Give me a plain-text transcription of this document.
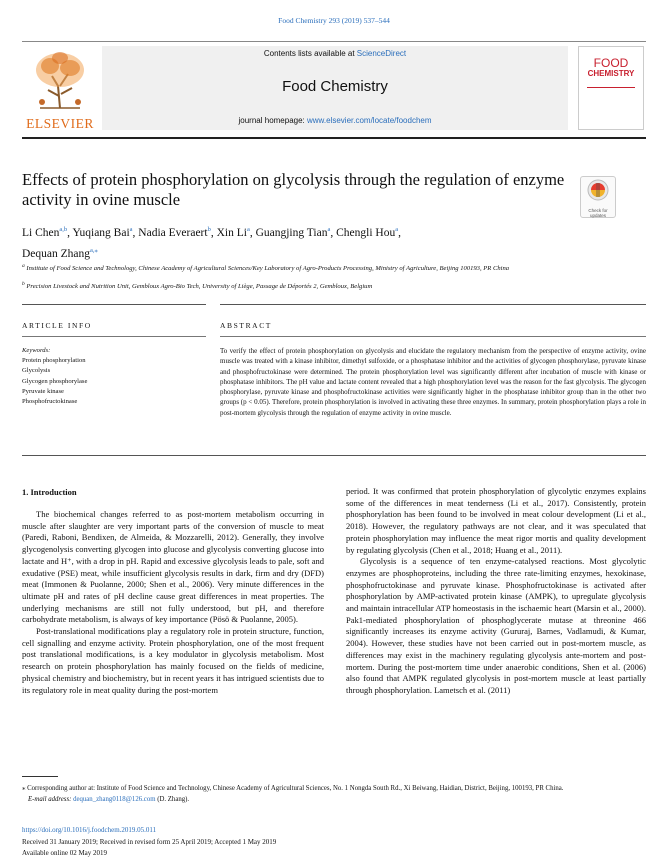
Food Chemistry 293 (2019) 537–544
ELSEVIER
Contents lists available at ScienceDirect
Food Chemistry
journal homepage: www.elsevier.com/locate/foodchem
FOOD
CHEMISTRY
Effects of protein phosphorylation on glycolysis through the regulation of enzyme activity in ovine muscle
Check for updates
Li Chen$^{a,b}$, Yuqiang Bai$^a$, Nadia Everaert$^b$, Xin Li$^a$, Guangjing Tian$^a$, Chengli Hou$^a$,
Dequan Zhang$^{a,⁎}$
$^a$ Institute of Food Science and Technology, Chinese Academy of Agricultural Sciences/Key Laboratory of Agro-Products Processing, Ministry of Agriculture, Beijing 100193, PR China
$^b$ Precision Livestock and Nutrition Unit, Gembloux Agro-Bio Tech, University of Liège, Passage de Déportés 2, Gembloux, Belgium
ARTICLE INFO	ABSTRACT
Keywords:
Protein phosphorylation
Glycolysis
Glycogen phosphorylase
Pyruvate kinase
Phosphofructokinase
To verify the effect of protein phosphorylation on glycolysis and elucidate the regulatory mechanism from the perspective of enzyme activity, ovine muscle was treated with a kinase inhibitor, dimethyl sulfoxide, or a phosphatase inhibitor and the activities of glycogen phosphorylase, pyruvate kinase and phosphofructokinase were determined. The protein phosphorylation level was significantly different after incubation of muscle with kinase or phosphatase inhibitors. The pH value and lactate content revealed that a high phosphorylation level was the reason for the fast glycolysis. The glycogen phosphorylase, pyruvate kinase and phosphofructokinase activities were significantly higher in the phosphatase inhibitor group than in the other two groups (p < 0.05). Therefore, protein phosphorylation is involved in activating these three enzymes. In summary, protein phosphorylation plays a role in post-mortem glycolysis through the regulation of enzyme activity in ovine muscle.
1. Introduction

The biochemical changes referred to as post-mortem metabolism occurring in muscle after slaughter are very important parts of the conversion of muscle to meat (Paredi, Raboni, Bendixen, de Almeida, & Mozzarelli, 2012). Generally, they involve glycogenolysis converting glycogen into glucose and glycolysis converting glucose into lactate and H⁺, with a drop in pH. Rapid and excessive glycolysis leads to pale, soft and exudative (PSE) meat, while insufficient glycolysis results in dark, firm and dry (DFD) meat (Immonen & Puolanne, 2000; Shen et al., 2006). Very minute differences in the ultimate pH and rates of pH decline cause great differences in meat properties. The underlying mechanisms are still not fully understood, but pH, and therefore carbohydrate metabolism, is always of key importance (Pösö & Puolanne, 2005).

Post-translational modifications play a regulatory role in protein structure, function, cell signalling and enzyme activity. Protein phosphorylation, one of the most frequent post translational modifications, is a key modulator in glycolysis metabolism. Most research on protein phosphorylation has mainly focused on the fields of medicine, physical chemistry and biochemistry, but in recent years it has intrigued scientists due to its regulatory role in meat quality during the post-mortem

period. It was confirmed that protein phosphorylation of glycolytic enzymes explains some of the differences in meat tenderness (Li et al., 2017). Consistently, protein phosphorylation has been found to be involved in meat colour development (Li et al., 2018). However, the regulatory pathways are not clear, and it was speculated that protein phosphorylation may influence the meat rigor mortis and quality development by regulating glycolysis (Chen et al., 2018; Huang et al., 2011).

Glycolysis is a sequence of ten enzyme-catalysed reactions. Most glycolytic enzymes are phosphoproteins, including the three rate-limiting enzymes, hexokinase, phosphofructokinase and pyruvate kinase. Phosphofructokinase is activated after phosphorylation by AMP-activated protein kinase (AMPK), to upregulate glycolysis and maintain intracellular ATP homeostasis in the ischaemic heart (Marsin et al., 2000). Pak1-mediated phosphorylation of phosphoglycerate mutase at threonine 466 significantly increases its enzyme activity (Gururaj, Barnes, Vadlamudi, & Kumar, 2004). However, these studies have not been carried out in post-mortem muscle, as differences may exist in the machinery regulating glycolysis ante-mortem and post-mortem. During the post-mortem time under anaerobic conditions, Shen et al. (2006) also found that AMPK regulated glycolysis in post-mortem muscle at least partially through phosphorylation. Lametsch et al. (2011)

⁎ Corresponding author at: Institute of Food Science and Technology, Chinese Academy of Agricultural Sciences, No. 1 Nongda South Rd., Xi Beiwang, Haidian, District, Beijing, 100193, PR China.
E-mail address: dequan_zhang0118@126.com (D. Zhang).
https://doi.org/10.1016/j.foodchem.2019.05.011
Received 31 January 2019; Received in revised form 25 April 2019; Accepted 1 May 2019
Available online 02 May 2019
